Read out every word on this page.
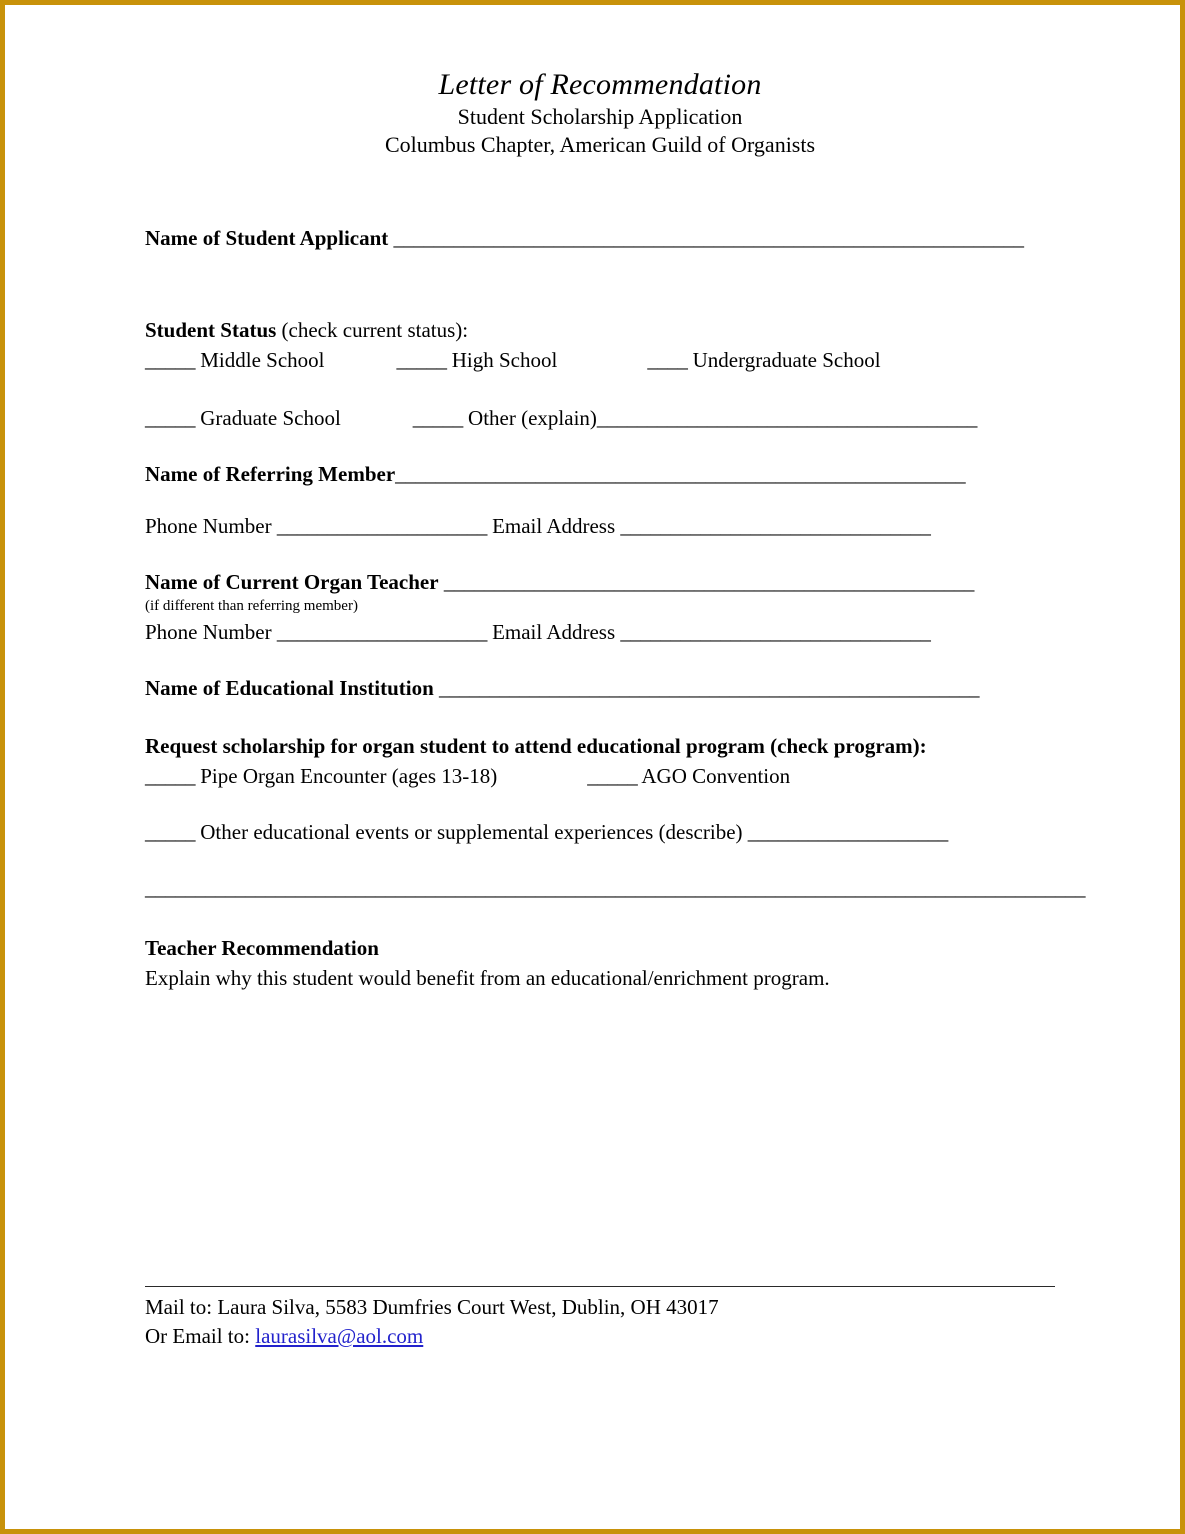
Letter of Recommendation
Student Scholarship Application
Columbus Chapter, American Guild of Organists
Name of Student Applicant _______________________________________________________________
Student Status (check current status):
_____ Middle School	_____ High School	____ Undergraduate School
_____ Graduate School	_____ Other (explain)______________________________________
Name of Referring Member_________________________________________________________
Phone Number _____________________ Email Address _______________________________
Name of Current Organ Teacher _____________________________________________________
(if different than referring member)
Phone Number _____________________ Email Address _______________________________
Name of Educational Institution ______________________________________________________
Request scholarship for organ student to attend educational program (check program):
_____ Pipe Organ Encounter (ages 13-18)	_____ AGO Convention
_____ Other educational events or supplemental experiences (describe) ____________________
______________________________________________________________________________________________
Teacher Recommendation
Explain why this student would benefit from an educational/enrichment program.
Mail to: Laura Silva, 5583 Dumfries Court West, Dublin, OH 43017
Or Email to: laurasilva@aol.com
